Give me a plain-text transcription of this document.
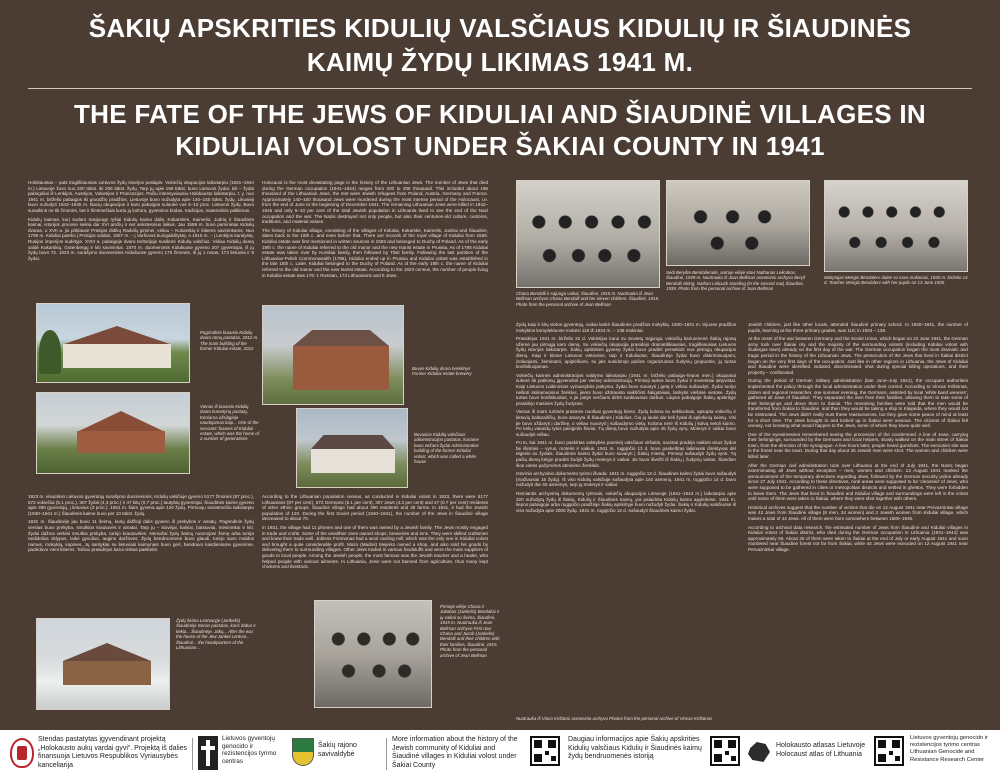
ŠAKIŲ APSKRITIES KIDULIŲ VALSČIAUS KIDULIŲ IR ŠIAUDINĖS
KAIMŲ ŽYDŲ LIKIMAS 1941 M.
THE FATE OF THE JEWS OF KIDULIAI AND ŠIAUDINĖ VILLAGES IN
KIDULIAI VOLOST UNDER ŠAKIAI COUNTY IN 1941

Holokaustas – pats tragiškiausias Lietuvos žydų istorijos puslapis. Vokiečių okupacijos laikotarpiu (1941–1944 m.) Lietuvoje žuvo nuo 200 tūkst. iki 206 tūkst. žydų. Tarp jų apie 196 tūkst. buvo Lietuvos žydai, kiti – žydai pabėgėliai iš Lenkijos, Austrijos, Vokietijos ir Prancūzijos. Pačiu intensyviausiu Holokausto laikotarpiu, t. y. nuo 1941 m. birželio pabaigos iki gruodžio pradžios, Lietuvoje buvo nužudyta apie 140–150 tūkst. žydų. Likusieji buvo nužudyti 1942–1945 m. Nacių okupacijos ir karo pabaigos sulaukė vos 5–10 proc. Lietuvos žydų. Buvo sunaikinti ne tik žmonės, bet ir šimtmečiais kurta jų kultūra, gyvenimo būdas, tradicijos, materialinis palikimas.

Kidulių kaimas, kurį sudaro susijungę ryšiai Kidulių kaimo dalis, Kukarskės, Kaimelio, Judrių ir Šiaudinės kaimai, istorijos procese siekia dar XVI amžių ir net ankstesnius laikus. Jau 1559 m. buvo paminėtas Kidulių dvaras, o XVII a. jis priklausė Prūsijos didikų Radvilų giminei, vėliau – Kukarskių ir kitiems savininkams. Nuo 1795 m. Kiduliai pateko į Prūsijos valdas, 1807 m. – į Varšuvos kunigaikštystę, o 1815 m. – į Lenkijos karalystę, Rusijos imperijos sudėtyje. XVIII a. pabaigoje dvaro teritorijoje susikūrė Kidulių valsčius. Vėliau Kidulių dvarą valdė Kukarskių, Gotenbergų ir kiti savininkai. 1870 m. duomenimis Kiduliuose gyveno 207 gyventojai, iš jų žydų buvo 72. 1923 m. surašymo duomenimis Kiduliuose gyveno 179 žmonės, iš jų 1 rusas, 173 lietuviai ir 5 žydai.

Holocaust is the most devastating page in the history of the Lithuanian Jews. The number of Jews that died during the German occupation (1941–1944) ranges from 200 to 206 thousand. This included about 196 thousand of the Lithuanian Jews, the rest were Jewish refugees from Poland, Austria, Germany and France. Approximately 140–150 thousand Jews were murdered during the most intense period of the Holocaust, i.e. from the end of June to the beginning of December 1941. The remaining Lithuanian Jews were killed in 1942–1945 and only 5–10 per cent of the total Jewish population in Lithuania lived to see the end of the Nazi occupation and the war. The Nazis destroyed not only people, but also their centuries-old culture, customs, traditions, and material values.

The history of Kiduliai village, consisting of the villages of Kiduliai, Kukarskė, Kaimelis, Judriai and Šiaudinė, dates back to the 16th c. and even before that. There are records of the royal village of Kiduliai from 1559. Kiduliai estate was first mentioned in written sources in 1583 and belonged to Duchy of Poland. As of the early 19th c. the name of Kiduliai referred to the old manor and the new tsarist estate in Prussia. As of 1795 Kiduliai estate was taken over by Kurskiai family, then followed by Tilsit family. Following the last partition of the Lithuanian-Polish Commonwealth (1795), Kiduliai ended up in Prussia and Kiduliai volost was established in the late 18th c. Later, Kiduliai belonged to the Duchy of Poland. As of the early 19th c. the name of Kiduliai referred to the old manor and the new tsarist estate. According to the 1923 census, the number of people living in Kiduliai estate was 179: 1 Russian, 173 Lithuanians and 5 Jews.

Pagrindinis buvusio Kidulių dvaro rūmų pastatas, 2012 m. The main building of the former Kiduliai estate, 2012
Buvęs Kidulių dvaro tvenkinys Former Kiduliai estate brewery
Vienas iš buvusio Kidulių dvaro kumetynų pastatų, Koniarna užsiūgioje naudojamas kaip... One of the servants' houses of Kiduliai estate, which was the home of a number of generations
Buvusios Kidulių valsčiaus administracijos pastatas, kuriame buvo vežami žydai Administrative building of the former Kiduliai volost, which was called a white house

1923 m. visuotinio Lietuvos gyventojų surašymo duomenimis, Kidulių valsčiuje gyveno 5177 žmonės (87 proc.), 572 vokiečiai (5,1 proc.), 307 žydai (4,3 proc.) ir 47 kitų (0,7 proc.) tautybių gyventojai. Šiaudinės kaime gyveno apie 390 gyventojų, į lietuvius (3 proc.). 1931 m. šiam gyvena apie 120 žydų. Pirmuoju sovietmečiu laikotarpiu (1940–1941 m.) Šiaudinės kaime buvo per 10 tūkst. žydų.

1931 m. Šiaudinėje jau buvo 11 šeimų, kurių didžioji dalis gyveno iš prekybos ir amatų. Pagrindinis žydų verslas buvo prekyba, smulkios krautuvės ir amatai. Tarp jų – siuvėjai, kalviai, batsiuviai, mėsininkai ir kiti. Žydai dažnai vertėsi smulkia prekyba, turėjo krautuvėles. Nemažai žydų šeimų nuomojosi žemę arba turėjo nedidelius sklypus, laikė gyvulius, augino daržoves. Žydų bendruomenė buvo glaudi, turėjo savo maldos namus, mokyklą, kapines. Jų santykiai su lietuviais kaimynais buvo geri, bendravo kasdieniame gyvenime, padėdavo vieni kitiems. Tačiau prasidėjus karui viskas pasikeitė.

According to the Lithuanian population census, as conducted in Kiduliai volost in 1923, there were 5177 Lithuanians (87 per cent), 572 Germans (5.1 per cent), 307 Jews (4.3 per cent) and 47 (0.7 per cent) residents of other ethnic groups. Šiaudinė village had about 390 residents and 38 farms. In 1931, it had the Jewish population of 120. During the first Soviet period (1940–1941), the number of the Jews in Šiaudinė village decreased to about 70.

In 1931, the village had 11 phones and one of them was owned by a Jewish family. The Jews mostly engaged in trade and crafts. Some of the wealthier ones owned shops, breweries and inns. They were skilled craftsmen and knew their trade well. Jobless Freimonas had a wool carding mill, which was the only one in Kiduliai volost and brought a quite considerable profit. Mazo (Mados) Mejerko owned a shop, and also sold his goods by delivering them to surrounding villages. Other Jews traded in various foodstuffs and were the main suppliers of goods to local people. Among the Jewish people, the most famous was the Jewish teacher and a healer, who helped people with various ailments. In Lithuania, Jews were not banned from agriculture, thus many kept chickens and livestock.

Žydų šeima Lentvaryje (Jankelis) Šiaudinėje Senas pastatas, kuris dabar ir tiekia... Šiaudinėje. Jakų... After the war, the house of the Jew Jankel Lentvar... Šiaudinė... the headquarters of the Lithuanian...
Pirmoje eilėje Chana ir Jokūbas (Jankelis) Bendaliai ir jų vaikai su šeima, Šiaudinė, 1915 m. Nuotrauka iš Jean Bellman archyvo First row: Chana and Jacob (Jankelis) Bendalli and their children with their families, Šiaudinė, 1915. Photo from the personal archive of Jean Bellman
Chana Bendalli ir sajunga vaikai, Šiaudinė, 1915 m. Nuotrauka iš Jean Bellman archyvo Chana Bendalli and her eleven children, Šiaudinė, 1915. Photo from the personal archive of Jean Bellman
Sėdi Beryšte Bendalieraitė, antroje eilėje stovi Nathanas Lelicūkas, Šiaudinė, 1939 m. Nuotrauka iš Joan Bellman asmeninio archyvo Beryš Bendalli sitting, Nathan Lelicuck standing (in the second row) Šiaudinė, 1939. Photo from the personal archive of Joan Bellman
Mokytojas Meirgis Bendalerv dukte su savo mokiniais, 1930 m. birželio 13 d. Teacher Meirgis Bendalerv with her pupils on 13 June 1930

Žydų kaip ir kitų vietos gyventojų, vaikai lankė Šiaudinės pradžios mokyklą. 1930–1931 m. trijuose pradžios mokyklos komplektuose mokėsi 116 iš 1934 m. – 138 mokiniai.

Prasidėjus 1941 m. birželio 22 d. Vokietijos karui su Sovietų Sąjunga, vokiečių kariuomenė Šakių rajoną užėmė jau pirmąją karo dieną. Su vokiečių okupacija prasidėjo dramatiškiausias, tragiškiausias Lietuvos žydų istorijos laikotarpis. Šakių apskrities gyvenę žydai buvo pradėti persekioti nuo pirmųjų okupacijos dienų. Kaip ir kitose Lietuvos vietovėse, taip ir Kiduliuose, Šiaudinėje žydai buvo diskriminuojami, izoliuojami, žeminami, apiplėšiami, su jais susidorojo pačios organizuotos žudynių grupuotės, jų turtas konfiskuojamas.

Vokiečių karinės administracijos valdymo laikotarpiu (1941 m. birželio pabaiga–liepos mėn.) okupantai sukūrė tik patikimų įgyvendinti per vietinę administraciją. Pirmieji aukos buvo žydai ir sovietiniai aktyvistai. Kaip Lietuvos Laikinosios vyriausybės įsakymu, žydai buvo suvaryti į getą ir vėliau sušaudyti. Žydai turėjo nešioti skiriamuosius ženklus, jiems buvo uždrausta vaikščioti šaligatviais, lankytis viešose vietose. Žydų turtas buvo konfiskuotas, o jie patys verčiami dirbti sunkiausius darbus. Liepos pabaigoje Šakių apskrityje prasidėjo masinės žydų žudynės.

Vienas iš maro turtinės prasmės nuošusi gyventojų kieno. Žydų kolona su sekliuckais, apsupta vokiečių ir lietuvių baltaraiščių, buvo atvaryta iš Šiaudinės į Kidulius. Čia jų laukė dar keli žydai iš aplinkinių kaimų. Visi jie buvo uždaryti į daržinę, o vėliau nuvaryti į sušaudymo vietą. Kolona nėrė iš Kidulių į kalvą netoli kaimo. Po kelių valandų tylos pasigirdo šūviai. Tą dieną buvo nužudyta apie 45 žydų vyrų. Moterys ir vaikai buvo sušaudyti vėliau.

Po to, kai 1941 m. buvo paskirtas valstybės pareinėj valsčiaus viršaitis, nacistai pradėjo naikinti visus žydus be išimties – vyrus, moteris ir vaikus. 1941 m. rugpjūčio 13 d. buvo paskelbtas laikinasis direktyvas dėl elgesio su žydais. Šiaudinės kaimo žydai buvo suvaryti į Šakių miestą. Pirmieji sušaudyti žydų vyrai. Tą pačią dieną kelyje pradėti žudyti žydų moterys ir vaikai. Jie buvo išvežti iš Šakių į žudynių vietas. Šiandien šios vietos pažymėtos atminimo ženklais.

Istorinio archyvinio dokumento tyrimo išvada: 1941 m. rugpjūčio 12 d. Šiaudinės kaimo žydai buvo sušaudyti (mažiausiai 15 žydų). Iš viso Kidulių valsčiuje sušaudyta apie 140 asmenų. 1941 m. rugpjūčio 14 d. buvo nužudyti dar 45 asmenys, tarp jų moterys ir vaikai.

Remiantis archyvinių dokumentų tyrimais, vokiečių okupacijos Lietuvoje (1941–1944 m.) laikotarpiu apie 320 nužudytų žydų iš Šakių, Kidulių ir Šiaudinės kaimų, yra palaidota Kidulių kaimo apylinkėse. 1941 m. liepos pabaigoje arba rugpjūčio pradžioje Šakių apskrityje buvo nužudyti žydai. Šakių ir Kidulių valsčiuose iš viso nužudyta apie 2000 žydų. 1941 m. rugpjūčio 12 d. sušaudyti Šiaudinės kaimo žydai.

Nuotrauka iš Vinco Krištūno asmeninio archyvo Photos from the personal archive of Vincas Krištūnas

Jewish children, just like other locals, attended Šiaudinė primary school. In 1930–1931, the number of pupils, learning at the three primary grades, was 116; in 1934 – 138.

At the onset of the war between Germany and the Soviet Union, which began on 22 June 1941, the German army took over Šakiai city and the majority of the surrounding volosts (including Kiduliai volost with Šudargas town) already on the first day of the war. The German occupation began the most dramatic and tragic period in the history of the Lithuanian Jews. The persecution of the Jews that lived in Šakiai district began on the very first days of the occupation. Just like in other regions in Lithuania, the Jews of Kiduliai and Šiaudinė were identified, isolated, discriminated, shot during special killing operations, and their property – confiscated.

During the period of German military administration (late June–July 1941), the occupant authorities implemented the policy through the local administration under their control. According to Vincas Krištūnas, citizen and regional researcher, one summer evening, the Germans, assisted by local 'white band wearers', gathered all Jews of Šiaudinė. They separated the men from their families, allowing them to take some of their belongings and drove them to Šakiai. The remaining families were told that the men would be transferred from Šakiai to Šiaudinė, and then they would be taking a ship to Klaipėda, where they would not be mistreated. The Jews didn't really trust these reassurances, but they gave some peace of mind at least for a short time. The Jews brought to and locked up in Šakiai were anxious. The citizens of Šakiai felt uneasy, not knowing what would happen to the Jews, some of whom they knew quite well.

One of the eyewitnesses remembered seeing the procession of the condemned. A line of Jews, carrying their belongings, surrounded by the Germans and local helpers, slowly walked on the main street of Šakiai town, from the direction of the synagogue. A few hours later, people heard gunshots. The execution site was in the forest near the town. During that day about 45 Jewish men were shot. The women and children were killed later.

After the German civil administration took over Lithuania at the end of July 1941, the Nazis began exterminating all Jews without exception – men, women and children. 13 August 1941 marked the announcement of the temporary directives regarding Jews, followed by the German security police already since 27 July 1941. According to these directives, rural areas were supposed to be 'cleansed' of Jews, who were supposed to be gathered in cities or metropolitan districts and settled in ghettos. They were forbidden to leave them. The Jews that lived in Šiaudinė and Kiduliai village and surroundings were left in the volost until some of them were taken to Šakiai, where they were shot together with others.

Historical archives suggest that the number of victims that die on 12 August 1941 near Pervazninkai village was 42 Jews from Šiaudinė village (8 men, 34 women) and 2 Jewish women from Kiduliai village, which makes a total of 44 Jews. All of them were born somewhere between 1880–1940.

According to archival data research, the estimated number of Jews from Šiaudinė and Kiduliai villages in Kiduliai volost of Šakiai district, who died during the German occupation in Lithuania (1941–1944) was approximately 69. About 25 of them were taken to Šakiai at the end of July or early August 1941 and soon murdered near Šiaudinė forest not far from Šakiai, while 44 Jews were executed on 12 August 1941 near Pervazninkai village.

Stendas pastatytas įgyvendinant projektą „Holokausto aukų vardai gyvi“. Projektą iš dalies finansuoja Lietuvos Respublikos Vyriausybės kanceliarija
Lietuvos gyventojų genocido ir rezistencijos tyrimo centras
Šakių rajono savivaldybė
More information about the history of the Jewish community of Kiduliai and Šiaudinė villages in Kiduliai volost under Šakiai County
Daugiau informacijos apie Šakių apskrities Kidulių valsčiaus Kidulių ir Šiaudinės kaimų žydų bendruomenės istoriją
Holokausto atlasas Lietuvoje Holocaust atlas of Lithuania
Lietuvos gyventojų genocido ir rezistencijos tyrimo centras Lithuanian Genocide and Resistance Research Center
